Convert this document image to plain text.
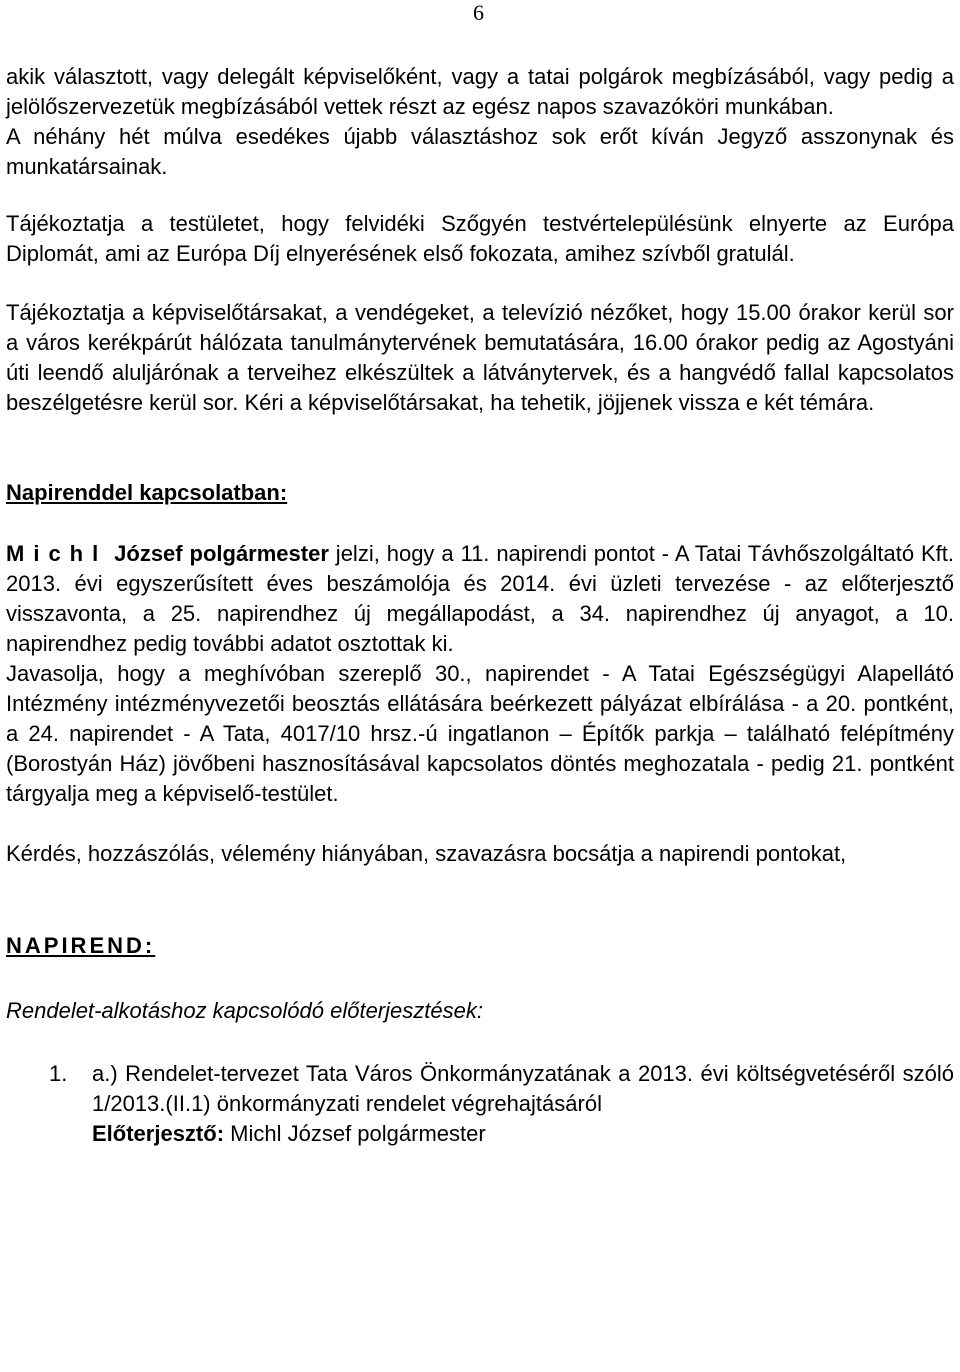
6

akik választott, vagy delegált képviselőként, vagy a tatai polgárok megbízásából, vagy pedig a jelölőszervezetük megbízásából vettek részt az egész napos szavazóköri munkában.

A néhány hét múlva esedékes újabb választáshoz sok erőt kíván Jegyző asszonynak és munkatársainak.

Tájékoztatja a testületet, hogy felvidéki Szőgyén testvértelepülésünk elnyerte az Európa Diplomát, ami az Európa Díj elnyerésének első fokozata, amihez szívből gratulál.

Tájékoztatja a képviselőtársakat, a vendégeket, a televízió nézőket, hogy 15.00 órakor kerül sor a város kerékpárút hálózata tanulmánytervének bemutatására, 16.00 órakor pedig az Agostyáni úti leendő aluljárónak a terveihez elkészültek a látványtervek, és a hangvédő fallal kapcsolatos beszélgetésre kerül sor. Kéri a képviselőtársakat, ha tehetik, jöjjenek vissza e két témára.

Napirenddel kapcsolatban:

Michl József polgármester jelzi, hogy a 11. napirendi pontot - A Tatai Távhőszolgáltató Kft. 2013. évi egyszerűsített éves beszámolója és 2014. évi üzleti tervezése - az előterjesztő visszavonta, a 25. napirendhez új megállapodást, a 34. napirendhez új anyagot, a 10. napirendhez pedig további adatot osztottak ki.

Javasolja, hogy a meghívóban szereplő 30., napirendet - A Tatai Egészségügyi Alapellátó Intézmény intézményvezetői beosztás ellátására beérkezett pályázat elbírálása - a 20. pontként, a 24. napirendet - A Tata, 4017/10 hrsz.-ú ingatlanon – Építők parkja – található felépítmény (Borostyán Ház) jövőbeni hasznosításával kapcsolatos döntés meghozatala - pedig 21. pontként tárgyalja meg a képviselő-testület.

Kérdés, hozzászólás, vélemény hiányában, szavazásra bocsátja a napirendi pontokat,

NAPIREND:

Rendelet-alkotáshoz kapcsolódó előterjesztések:

1.	a.) Rendelet-tervezet Tata Város Önkormányzatának a 2013. évi költségvetéséről szóló 1/2013.(II.1) önkormányzati rendelet végrehajtásáról
Előterjesztő: Michl József polgármester
